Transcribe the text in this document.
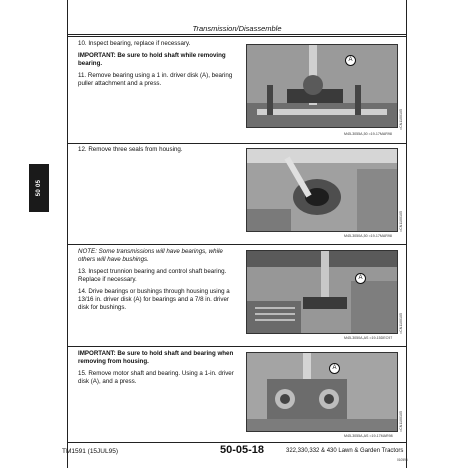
Transmission/Disassemble
50 05

10. Inspect bearing, replace if necessary.

IMPORTANT: Be sure to hold shaft while removing bearing.

11. Remove bearing using a 1 in. driver disk (A), bearing puller attachment and a press.

A
M45-3055A,50 =19-17MAR98
=CN1100105

12. Remove three seals from housing.

M45-3050A,50 =19-17MAR98
=CN1100105

NOTE: Some transmissions will have bearings, while others will have bushings.

13. Inspect trunnion bearing and control shaft bearing. Replace if necessary.

14. Drive bearings or bushings through housing using a 13/16 in. driver disk (A) for bearings and a 7/8 in. driver disk for bushings.

A
M45-3050A,AS =19-15DEC97
=CN1100105

IMPORTANT: Be sure to hold shaft and bearing when removing from housing.

15. Remove motor shaft and bearing. Using a 1-in. driver disk (A), and a press.

A
M45-3055A,AS =19-17MAR98
=CN1100105
TM1591 (15JUL95)	50-05-18	322,330,332 & 430 Lawn & Garden Tractors
010595
